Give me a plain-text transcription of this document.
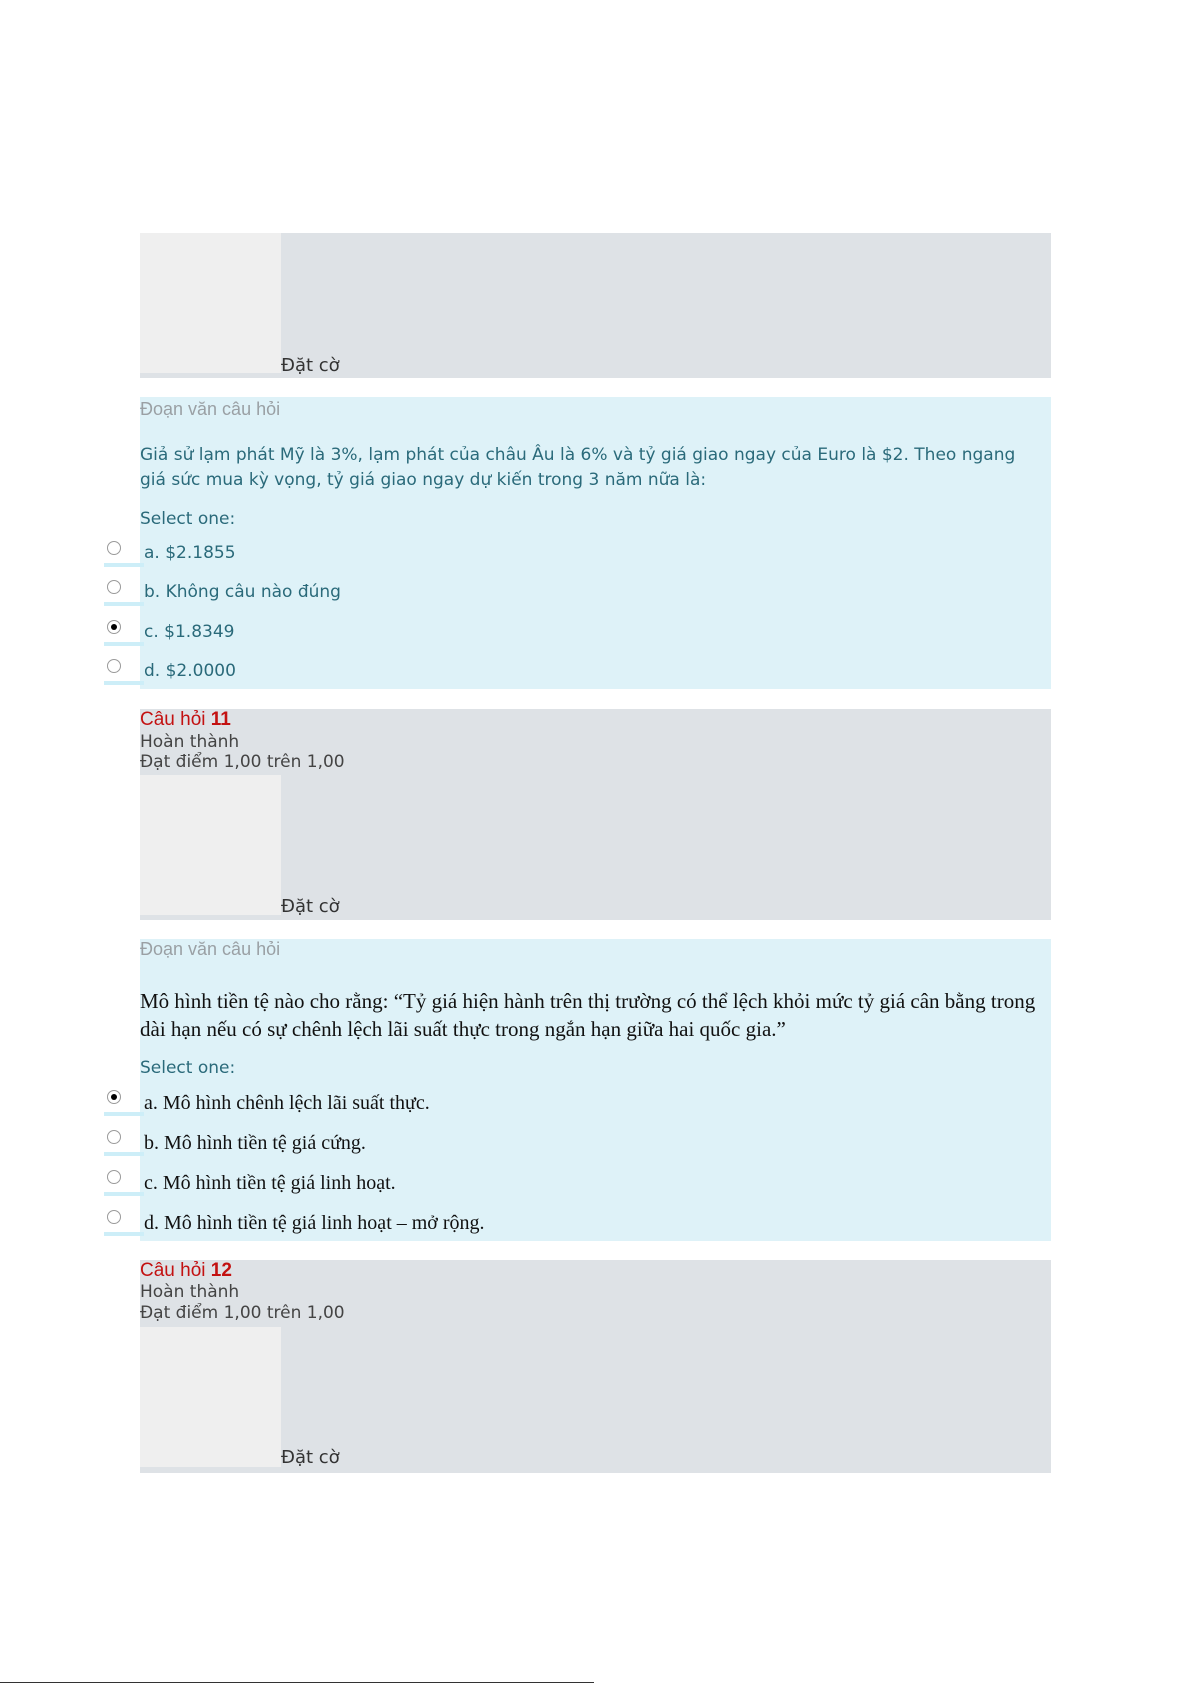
Đặt cờ
Đoạn văn câu hỏi
Giả sử lạm phát Mỹ là 3%, lạm phát của châu Âu là 6% và tỷ giá giao ngay của Euro là $2. Theo ngang giá sức mua kỳ vọng, tỷ giá giao ngay dự kiến trong 3 năm nữa là:
Select one:
a. $2.1855
b. Không câu nào đúng
c. $1.8349
d. $2.0000
Câu hỏi 11
Hoàn thành
Đạt điểm 1,00 trên 1,00
Đặt cờ
Đoạn văn câu hỏi
Mô hình tiền tệ nào cho rằng: “Tỷ giá hiện hành trên thị trường có thể lệch khỏi mức tỷ giá cân bằng trong dài hạn nếu có sự chênh lệch lãi suất thực trong ngắn hạn giữa hai quốc gia.”
Select one:
a. Mô hình chênh lệch lãi suất thực.
b. Mô hình tiền tệ giá cứng.
c. Mô hình tiền tệ giá linh hoạt.
d. Mô hình tiền tệ giá linh hoạt – mở rộng.
Câu hỏi 12
Hoàn thành
Đạt điểm 1,00 trên 1,00
Đặt cờ
